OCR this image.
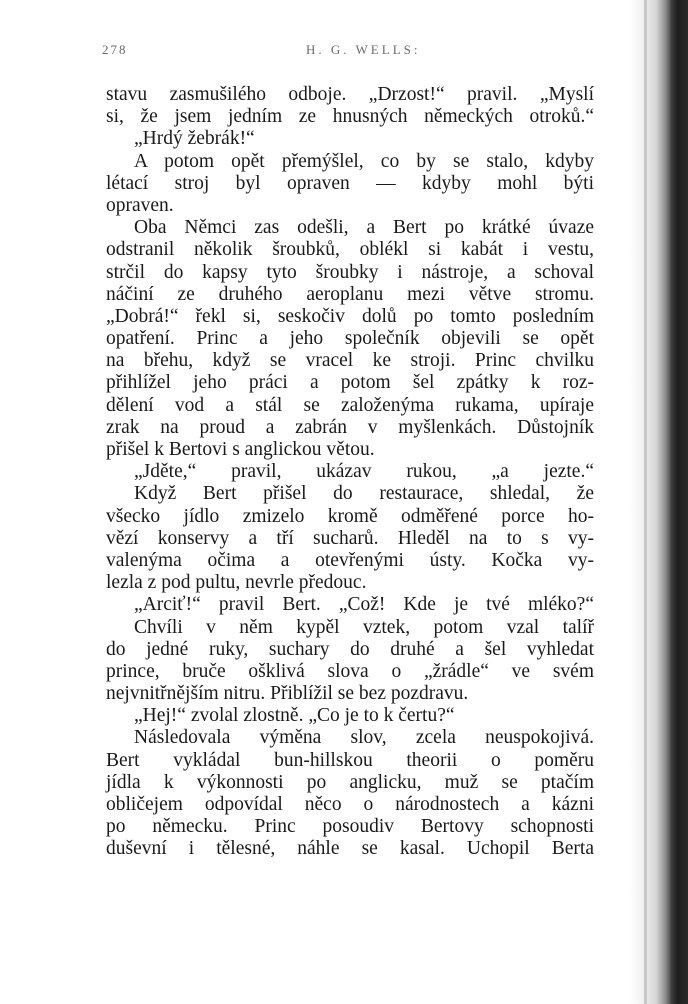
278	H. G. WELLS:
stavu zasmušilého odboje. „Drzost!“ pravil. „Myslí
si, že jsem jedním ze hnusných německých otroků.“
„Hrdý žebrák!“
A potom opět přemýšlel, co by se stalo, kdyby
létací stroj byl opraven — kdyby mohl býti
opraven.
Oba Němci zas odešli, a Bert po krátké úvaze
odstranil několik šroubků, oblékl si kabát i vestu,
strčil do kapsy tyto šroubky i nástroje, a schoval
náčiní ze druhého aeroplanu mezi větve stromu.
„Dobrá!“ řekl si, seskočiv dolů po tomto posledním
opatření. Princ a jeho společník objevili se opět
na břehu, když se vracel ke stroji. Princ chvilku
přihlížel jeho práci a potom šel zpátky k roz-
dělení vod a stál se založenýma rukama, upíraje
zrak na proud a zabrán v myšlenkách. Důstojník
přišel k Bertovi s anglickou větou.
„Jděte,“ pravil, ukázav rukou, „a jezte.“
Když Bert přišel do restaurace, shledal, že
všecko jídlo zmizelo kromě odměřené porce ho-
vězí konservy a tří sucharů. Hleděl na to s vy-
valenýma očima a otevřenými ústy. Kočka vy-
lezla z pod pultu, nevrle předouc.
„Arciť!“ pravil Bert. „Což! Kde je tvé mléko?“
Chvíli v něm kypěl vztek, potom vzal talíř
do jedné ruky, suchary do druhé a šel vyhledat
prince, bruče ošklivá slova o „žrádle“ ve svém
nejvnitřnějším nitru. Přiblížil se bez pozdravu.
„Hej!“ zvolal zlostně. „Co je to k čertu?“
Následovala výměna slov, zcela neuspokojivá.
Bert vykládal bun-hillskou theorii o poměru
jídla k výkonnosti po anglicku, muž se ptačím
obličejem odpovídal něco o národnostech a kázni
po německu. Princ posoudiv Bertovy schopnosti
duševní i tělesné, náhle se kasal. Uchopil Berta
